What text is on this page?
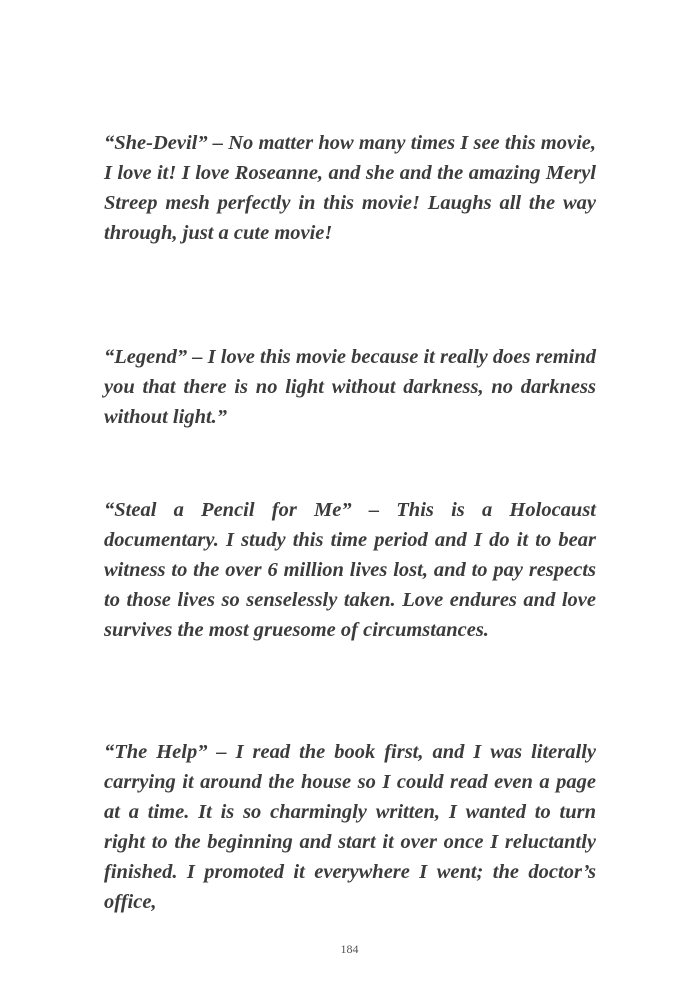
“She-Devil” – No matter how many times I see this movie, I love it! I love Roseanne, and she and the amazing Meryl Streep mesh perfectly in this movie! Laughs all the way through, just a cute movie!

“Legend” – I love this movie because it really does remind you that there is no light without darkness, no darkness without light.”

“Steal a Pencil for Me” – This is a Holocaust documentary. I study this time period and I do it to bear witness to the over 6 million lives lost, and to pay respects to those lives so senselessly taken. Love endures and love survives the most gruesome of circumstances.

“The Help” – I read the book first, and I was literally carrying it around the house so I could read even a page at a time. It is so charmingly written, I wanted to turn right to the beginning and start it over once I reluctantly finished. I promoted it everywhere I went; the doctor’s office,

184
